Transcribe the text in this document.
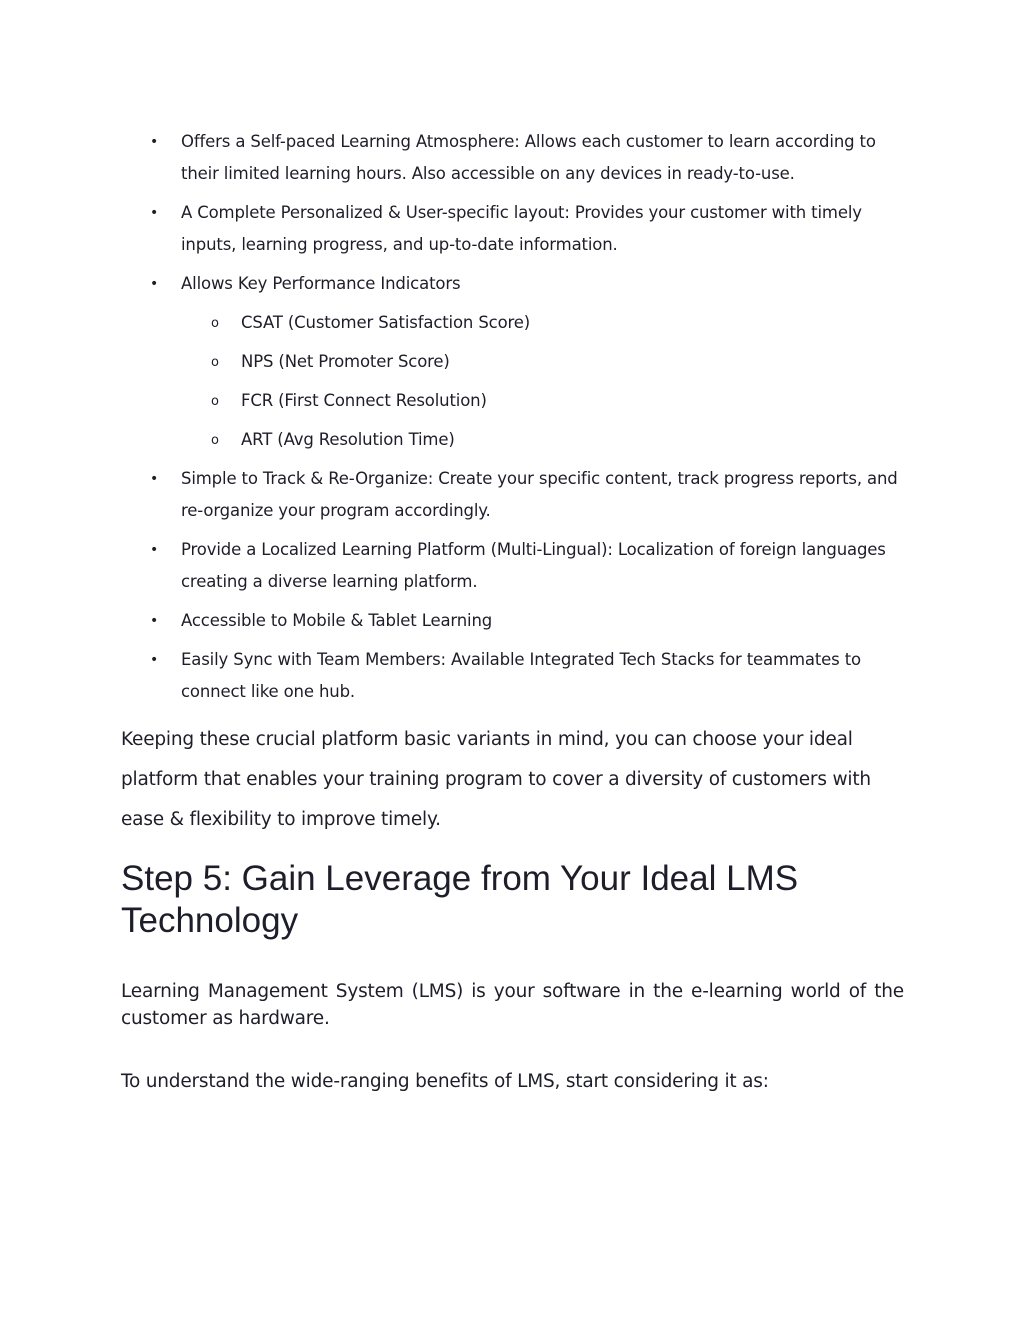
• Offers a Self-paced Learning Atmosphere: Allows each customer to learn according to their limited learning hours. Also accessible on any devices in ready-to-use.
• A Complete Personalized & User-specific layout: Provides your customer with timely inputs, learning progress, and up-to-date information.
• Allows Key Performance Indicators
o CSAT (Customer Satisfaction Score)
o NPS (Net Promoter Score)
o FCR (First Connect Resolution)
o ART (Avg Resolution Time)
• Simple to Track & Re-Organize: Create your specific content, track progress reports, and re-organize your program accordingly.
• Provide a Localized Learning Platform (Multi-Lingual): Localization of foreign languages creating a diverse learning platform.
• Accessible to Mobile & Tablet Learning
• Easily Sync with Team Members: Available Integrated Tech Stacks for teammates to connect like one hub.

Keeping these crucial platform basic variants in mind, you can choose your ideal platform that enables your training program to cover a diversity of customers with ease & flexibility to improve timely.

Step 5: Gain Leverage from Your Ideal LMS Technology

Learning Management System (LMS) is your software in the e-learning world of the customer as hardware.

To understand the wide-ranging benefits of LMS, start considering it as:
